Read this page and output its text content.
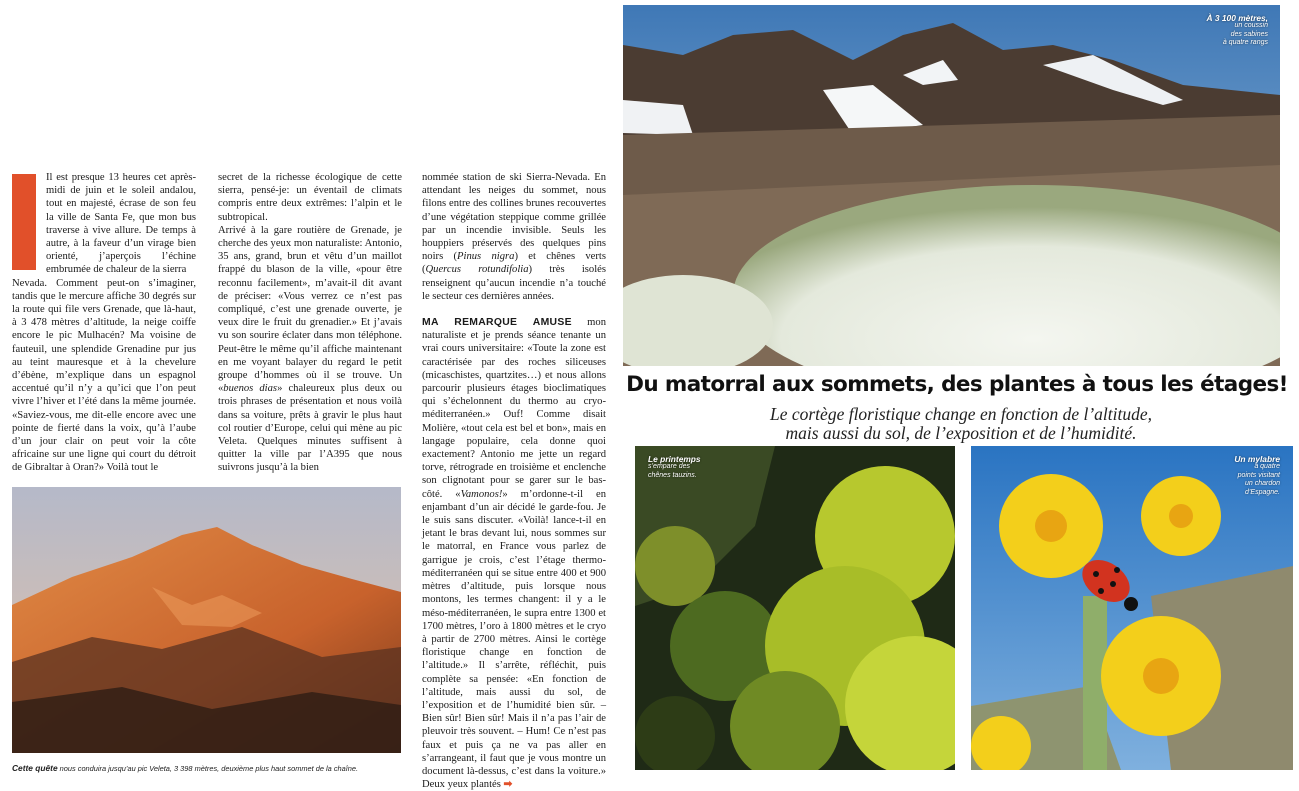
Il est presque 13 heures cet après-midi de juin et le soleil andalou, tout en majesté, écrase de son feu la ville de Santa Fe, que mon bus traverse à vive allure. De temps à autre, à la faveur d’un virage bien orienté, j’aperçois l’échine embrumée de chaleur de la sierra

Nevada. Comment peut-on s’imaginer, tandis que le mercure affiche 30 degrés sur la route qui file vers Grenade, que là-haut, à 3 478 mètres d’altitude, la neige coiffe encore le pic Mulhacén? Ma voisine de fauteuil, une splendide Grenadine pur jus au teint mauresque et à la chevelure d’ébène, m’explique dans un espagnol accentué qu’il n’y a qu’ici que l’on peut vivre l’hiver et l’été dans la même journée. «Saviez-vous, me dit-elle encore avec une pointe de fierté dans la voix, qu’à l’aube d’un jour clair on peut voir la côte africaine sur une ligne qui court du détroit de Gibraltar à Oran?» Voilà tout le

secret de la richesse écologique de cette sierra, pensé-je: un éventail de climats compris entre deux extrêmes: l’alpin et le subtropical.

Arrivé à la gare routière de Grenade, je cherche des yeux mon naturaliste: Antonio, 35 ans, grand, brun et vêtu d’un maillot frappé du blason de la ville, «pour être reconnu facilement», m’avait-il dit avant de préciser: «Vous verrez ce n’est pas compliqué, c’est une grenade ouverte, je veux dire le fruit du grenadier.» Et j’avais vu son sourire éclater dans mon téléphone. Peut-être le même qu’il affiche maintenant en me voyant balayer du regard le petit groupe d’hommes où il se trouve. Un «buenos dias» chaleureux plus deux ou trois phrases de présentation et nous voilà dans sa voiture, prêts à gravir le plus haut col routier d’Europe, celui qui mène au pic Veleta. Quelques minutes suffisent à quitter la ville par l’A395 que nous suivrons jusqu’à la bien

nommée station de ski Sierra-Nevada. En attendant les neiges du sommet, nous filons entre des collines brunes recouvertes d’une végétation steppique comme grillée par un incendie invisible. Seuls les houppiers préservés des quelques pins noirs (Pinus nigra) et chênes verts (Quercus rotundifolia) très isolés renseignent qu’aucun incendie n’a touché le secteur ces dernières années.

MA REMARQUE AMUSE mon naturaliste et je prends séance tenante un vrai cours universitaire: «Toute la zone est caractérisée par des roches siliceuses (micaschistes, quartzites…) et nous allons parcourir plusieurs étages bioclimatiques qui s’échelonnent du thermo au cryo-méditerranéen.» Ouf! Comme disait Molière, «tout cela est bel et bon», mais en langage populaire, cela donne quoi exactement? Antonio me jette un regard torve, rétrograde en troisième et enclenche son clignotant pour se garer sur le bas-côté. «Vamonos!» m’ordonne-t-il en enjambant d’un air décidé le garde-fou. Je le suis sans discuter. «Voilà! lance-t-il en jetant le bras devant lui, nous sommes sur le matorral, en France vous parlez de garrigue je crois, c’est l’étage thermo-méditerranéen qui se situe entre 400 et 900 mètres d’altitude, puis lorsque nous montons, les termes changent: il y a le méso-méditerranéen, le supra entre 1300 et 1700 mètres, l’oro à 1800 mètres et le cryo à partir de 2700 mètres. Ainsi le cortège floristique change en fonction de l’altitude.» Il s’arrête, réfléchit, puis complète sa pensée: «En fonction de l’altitude, mais aussi du sol, de l’exposition et de l’humidité bien sûr. – Bien sûr! Bien sûr! Mais il n’a pas l’air de pleuvoir très souvent. – Hum! Ce n’est pas faux et puis ça ne va pas aller en s’arrangeant, il faut que je vous montre un document là-dessus, c’est dans la voiture.» Deux yeux plantés ➡

Cette quête nous conduira jusqu’au pic Veleta, 3 398 mètres, deuxième plus haut sommet de la chaîne.
À 3 100 mètres,
un coussin
des sabines
à quatre rangs
Du matorral aux sommets, des plantes à tous les étages!
Le cortège floristique change en fonction de l’altitude,
mais aussi du sol, de l’exposition et de l’humidité.
Le printemps
s’empare des
chênes tauzins.
Un mylabre
à quatre
points visitant
un chardon
d’Espagne.
